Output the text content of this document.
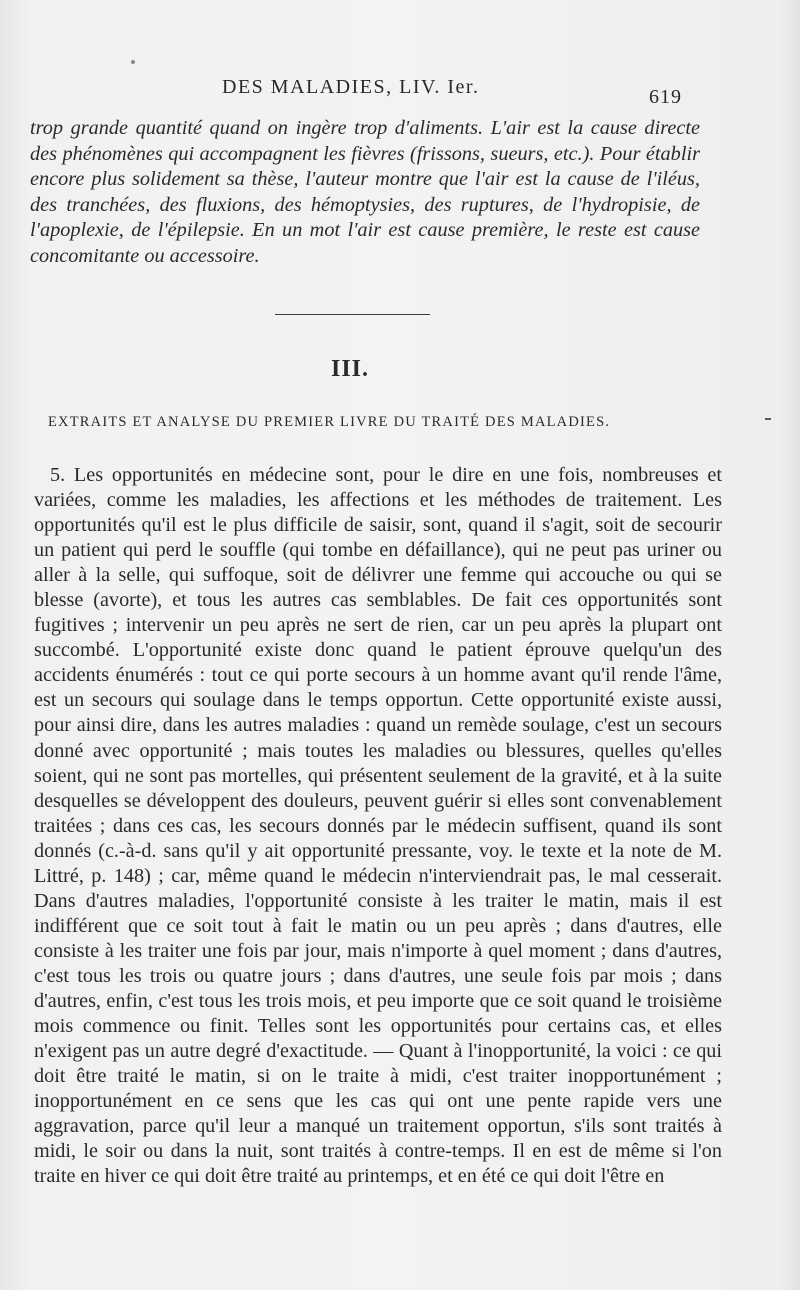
DES MALADIES, LIV. Ier.	619
trop grande quantité quand on ingère trop d'aliments. L'air est la cause directe des phénomènes qui accompagnent les fièvres (frissons, sueurs, etc.). Pour établir encore plus solidement sa thèse, l'auteur montre que l'air est la cause de l'iléus, des tranchées, des fluxions, des hémoptysies, des ruptures, de l'hydropisie, de l'apoplexie, de l'épilepsie. En un mot l'air est cause première, le reste est cause concomitante ou accessoire.
III.
EXTRAITS ET ANALYSE DU PREMIER LIVRE DU TRAITÉ DES MALADIES.

5. Les opportunités en médecine sont, pour le dire en une fois, nombreuses et variées, comme les maladies, les affections et les méthodes de traitement. Les opportunités qu'il est le plus difficile de saisir, sont, quand il s'agit, soit de secourir un patient qui perd le souffle (qui tombe en défaillance), qui ne peut pas uriner ou aller à la selle, qui suffoque, soit de délivrer une femme qui accouche ou qui se blesse (avorte), et tous les autres cas semblables. De fait ces opportunités sont fugitives ; intervenir un peu après ne sert de rien, car un peu après la plupart ont succombé. L'opportunité existe donc quand le patient éprouve quelqu'un des accidents énumérés : tout ce qui porte secours à un homme avant qu'il rende l'âme, est un secours qui soulage dans le temps opportun. Cette opportunité existe aussi, pour ainsi dire, dans les autres maladies : quand un remède soulage, c'est un secours donné avec opportunité ; mais toutes les maladies ou blessures, quelles qu'elles soient, qui ne sont pas mortelles, qui présentent seulement de la gravité, et à la suite desquelles se développent des douleurs, peuvent guérir si elles sont convenablement traitées ; dans ces cas, les secours donnés par le médecin suffisent, quand ils sont donnés (c.-à-d. sans qu'il y ait opportunité pressante, voy. le texte et la note de M. Littré, p. 148) ; car, même quand le médecin n'interviendrait pas, le mal cesserait. Dans d'autres maladies, l'opportunité consiste à les traiter le matin, mais il est indifférent que ce soit tout à fait le matin ou un peu après ; dans d'autres, elle consiste à les traiter une fois par jour, mais n'importe à quel moment ; dans d'autres, c'est tous les trois ou quatre jours ; dans d'autres, une seule fois par mois ; dans d'autres, enfin, c'est tous les trois mois, et peu importe que ce soit quand le troisième mois commence ou finit. Telles sont les opportunités pour certains cas, et elles n'exigent pas un autre degré d'exactitude. — Quant à l'inopportunité, la voici : ce qui doit être traité le matin, si on le traite à midi, c'est traiter inopportunément ; inopportunément en ce sens que les cas qui ont une pente rapide vers une aggravation, parce qu'il leur a manqué un traitement opportun, s'ils sont traités à midi, le soir ou dans la nuit, sont traités à contre-temps. Il en est de même si l'on traite en hiver ce qui doit être traité au printemps, et en été ce qui doit l'être en
